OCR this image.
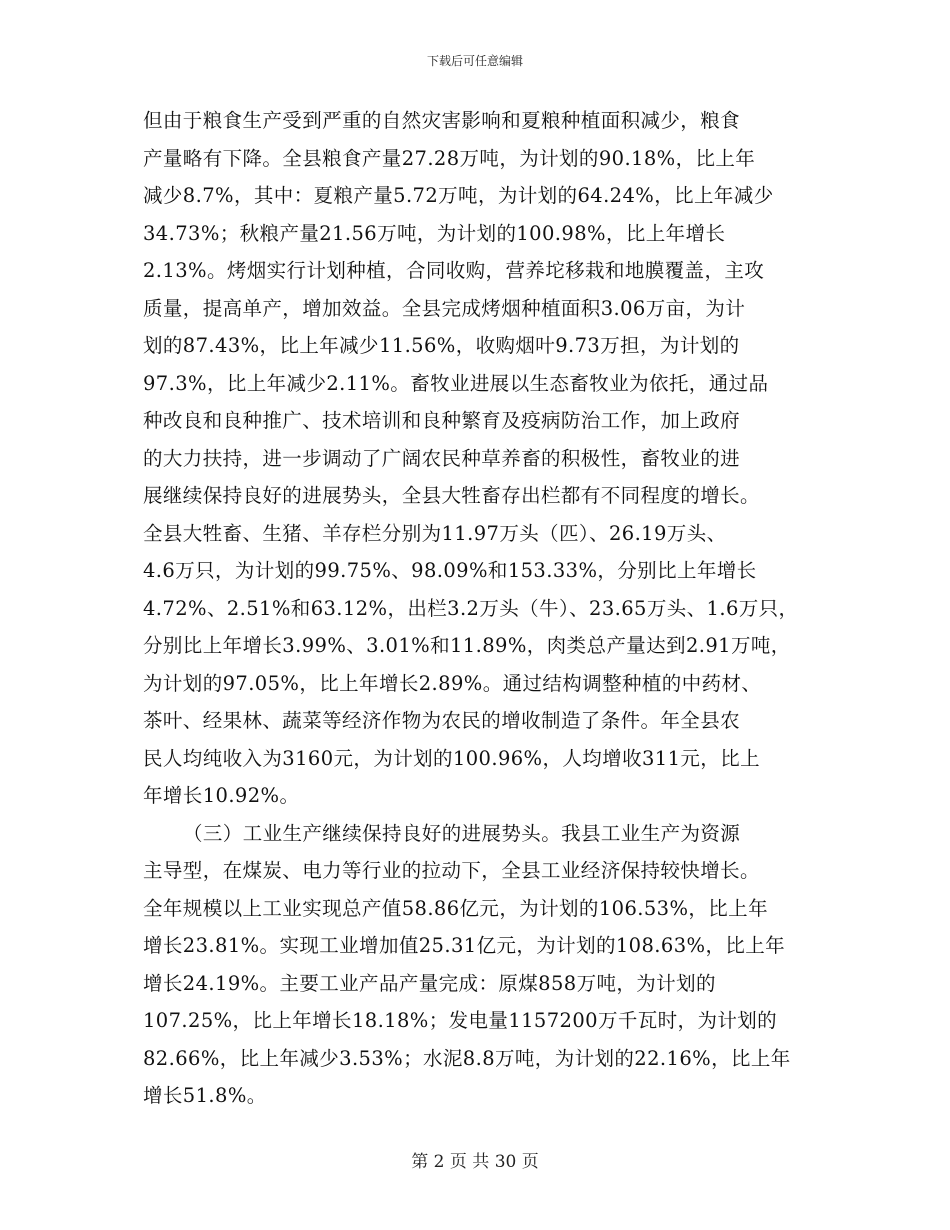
下载后可任意编辑
但由于粮食生产受到严重的自然灾害影响和夏粮种植面积减少，粮食
产量略有下降。全县粮食产量27.28万吨，为计划的90.18%，比上年
减少8.7%，其中：夏粮产量5.72万吨，为计划的64.24%，比上年减少
34.73%；秋粮产量21.56万吨，为计划的100.98%，比上年增长
2.13%。烤烟实行计划种植，合同收购，营养坨移栽和地膜覆盖，主攻
质量，提高单产，增加效益。全县完成烤烟种植面积3.06万亩，为计
划的87.43%，比上年减少11.56%，收购烟叶9.73万担，为计划的
97.3%，比上年减少2.11%。畜牧业进展以生态畜牧业为依托，通过品
种改良和良种推广、技术培训和良种繁育及疫病防治工作，加上政府
的大力扶持，进一步调动了广阔农民种草养畜的积极性，畜牧业的进
展继续保持良好的进展势头，全县大牲畜存出栏都有不同程度的增长。
全县大牲畜、生猪、羊存栏分别为11.97万头（匹）、26.19万头、
4.6万只，为计划的99.75%、98.09%和153.33%，分别比上年增长
4.72%、2.51%和63.12%，出栏3.2万头（牛）、23.65万头、1.6万只，
分别比上年增长3.99%、3.01%和11.89%，肉类总产量达到2.91万吨，
为计划的97.05%，比上年增长2.89%。通过结构调整种植的中药材、
茶叶、经果林、蔬菜等经济作物为农民的增收制造了条件。年全县农
民人均纯收入为3160元，为计划的100.96%，人均增收311元，比上
年增长10.92%。
（三）工业生产继续保持良好的进展势头。我县工业生产为资源
主导型，在煤炭、电力等行业的拉动下，全县工业经济保持较快增长。
全年规模以上工业实现总产值58.86亿元，为计划的106.53%，比上年
增长23.81%。实现工业增加值25.31亿元，为计划的108.63%，比上年
增长24.19%。主要工业产品产量完成：原煤858万吨，为计划的
107.25%，比上年增长18.18%；发电量1157200万千瓦时，为计划的
82.66%，比上年减少3.53%；水泥8.8万吨，为计划的22.16%，比上年
增长51.8%。
第 2 页 共 30 页
